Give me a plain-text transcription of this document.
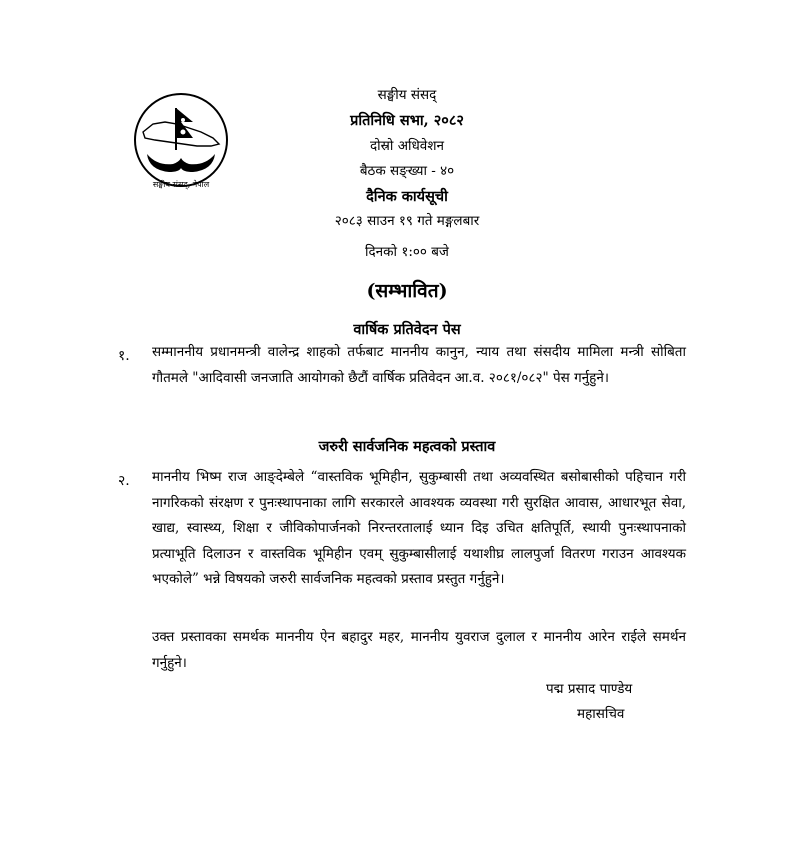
सङ्घीय संसद्, नेपाल
सङ्घीय संसद्
प्रतिनिधि सभा, २०८२
दोस्रो अधिवेशन
बैठक सङ्ख्या - ४०
दैनिक कार्यसूची
२०८३ साउन १९ गते मङ्गलबार
दिनको १:०० बजे
(सम्भावित)
वार्षिक प्रतिवेदन पेस
१. सम्माननीय प्रधानमन्त्री वालेन्द्र शाहको तर्फबाट माननीय कानुन, न्याय तथा संसदीय मामिला मन्त्री सोबिता गौतमले "आदिवासी जनजाति आयोगको छैटौं वार्षिक प्रतिवेदन आ.व. २०८१/०८२" पेस गर्नुहुने।

जरुरी सार्वजनिक महत्वको प्रस्ताव
२. माननीय भिष्म राज आङ्देम्बेले “वास्तविक भूमिहीन, सुकुम्बासी तथा अव्यवस्थित बसोबासीको पहिचान गरी नागरिकको संरक्षण र पुनःस्थापनाका लागि सरकारले आवश्यक व्यवस्था गरी सुरक्षित आवास, आधारभूत सेवा, खाद्य, स्वास्थ्य, शिक्षा र जीविकोपार्जनको निरन्तरतालाई ध्यान दिइ उचित क्षतिपूर्ति, स्थायी पुनःस्थापनाको प्रत्याभूति दिलाउन र वास्तविक भूमिहीन एवम् सुकुम्बासीलाई यथाशीघ्र लालपुर्जा वितरण गराउन आवश्यक भएकोले” भन्ने विषयको जरुरी सार्वजनिक महत्वको प्रस्ताव प्रस्तुत गर्नुहुने।

उक्त प्रस्तावका समर्थक माननीय ऐन बहादुर महर, माननीय युवराज दुलाल र माननीय आरेन राईले समर्थन गर्नुहुने।

पद्म प्रसाद पाण्डेय
महासचिव
